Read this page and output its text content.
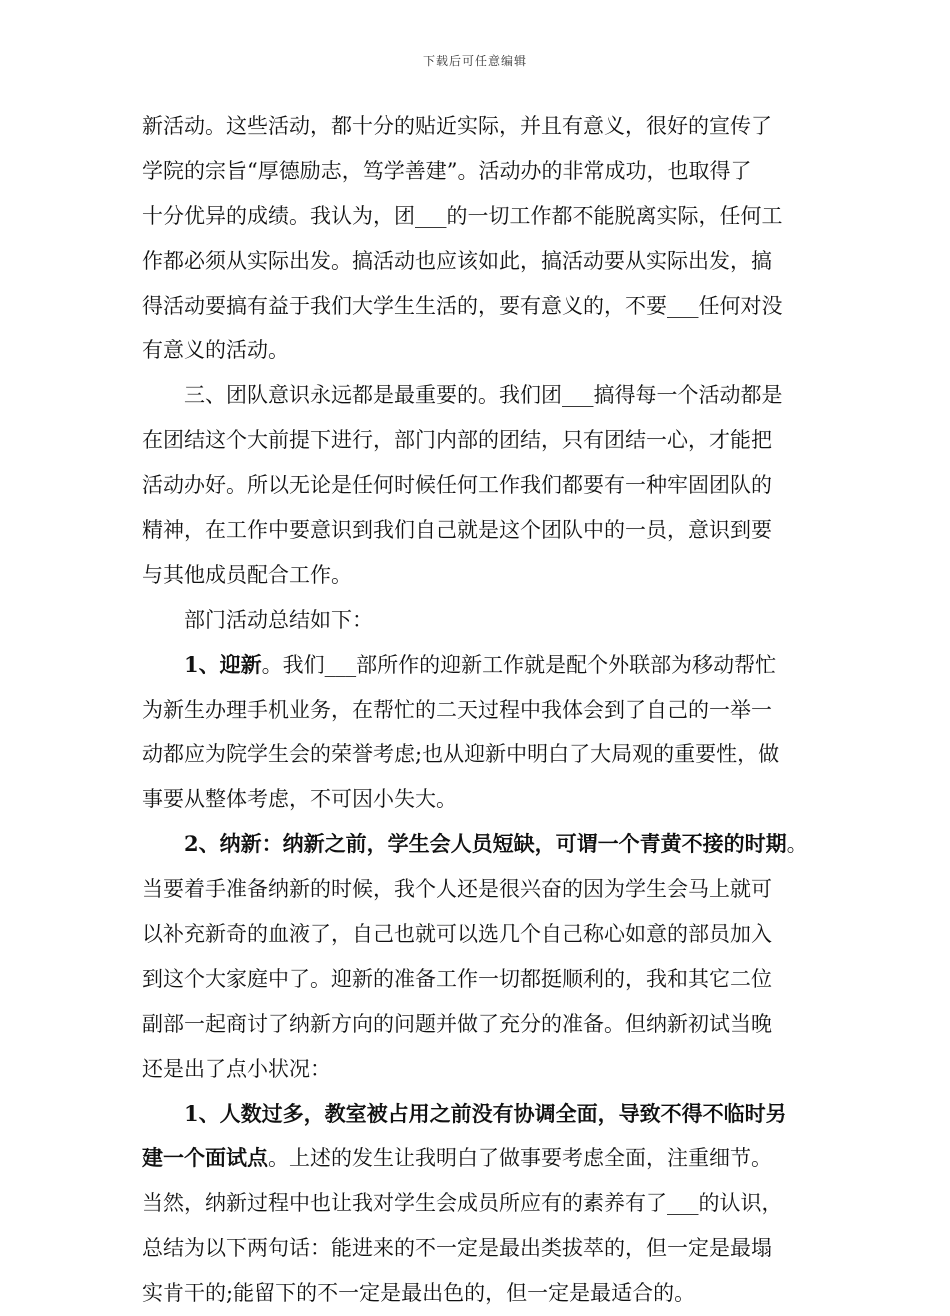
下载后可任意编辑
新活动。这些活动，都十分的贴近实际，并且有意义，很好的宣传了
学院的宗旨“厚德励志，笃学善建”。活动办的非常成功，也取得了
十分优异的成绩。我认为，团___的一切工作都不能脱离实际，任何工
作都必须从实际出发。搞活动也应该如此，搞活动要从实际出发，搞
得活动要搞有益于我们大学生生活的，要有意义的，不要___任何对没
有意义的活动。
三、团队意识永远都是最重要的。我们团___搞得每一个活动都是
在团结这个大前提下进行，部门内部的团结，只有团结一心，才能把
活动办好。所以无论是任何时候任何工作我们都要有一种牢固团队的
精神，在工作中要意识到我们自己就是这个团队中的一员，意识到要
与其他成员配合工作。
部门活动总结如下：
1、迎新。我们___部所作的迎新工作就是配个外联部为移动帮忙
为新生办理手机业务，在帮忙的二天过程中我体会到了自己的一举一
动都应为院学生会的荣誉考虑;也从迎新中明白了大局观的重要性，做
事要从整体考虑，不可因小失大。
2、纳新：纳新之前，学生会人员短缺，可谓一个青黄不接的时期。
当要着手准备纳新的时候，我个人还是很兴奋的因为学生会马上就可
以补充新奇的血液了，自己也就可以选几个自己称心如意的部员加入
到这个大家庭中了。迎新的准备工作一切都挺顺利的，我和其它二位
副部一起商讨了纳新方向的问题并做了充分的准备。但纳新初试当晚
还是出了点小状况：
1、人数过多，教室被占用之前没有协调全面，导致不得不临时另
建一个面试点。上述的发生让我明白了做事要考虑全面，注重细节。
当然，纳新过程中也让我对学生会成员所应有的素养有了___的认识，
总结为以下两句话：能进来的不一定是最出类拔萃的，但一定是最塌
实肯干的;能留下的不一定是最出色的，但一定是最适合的。
